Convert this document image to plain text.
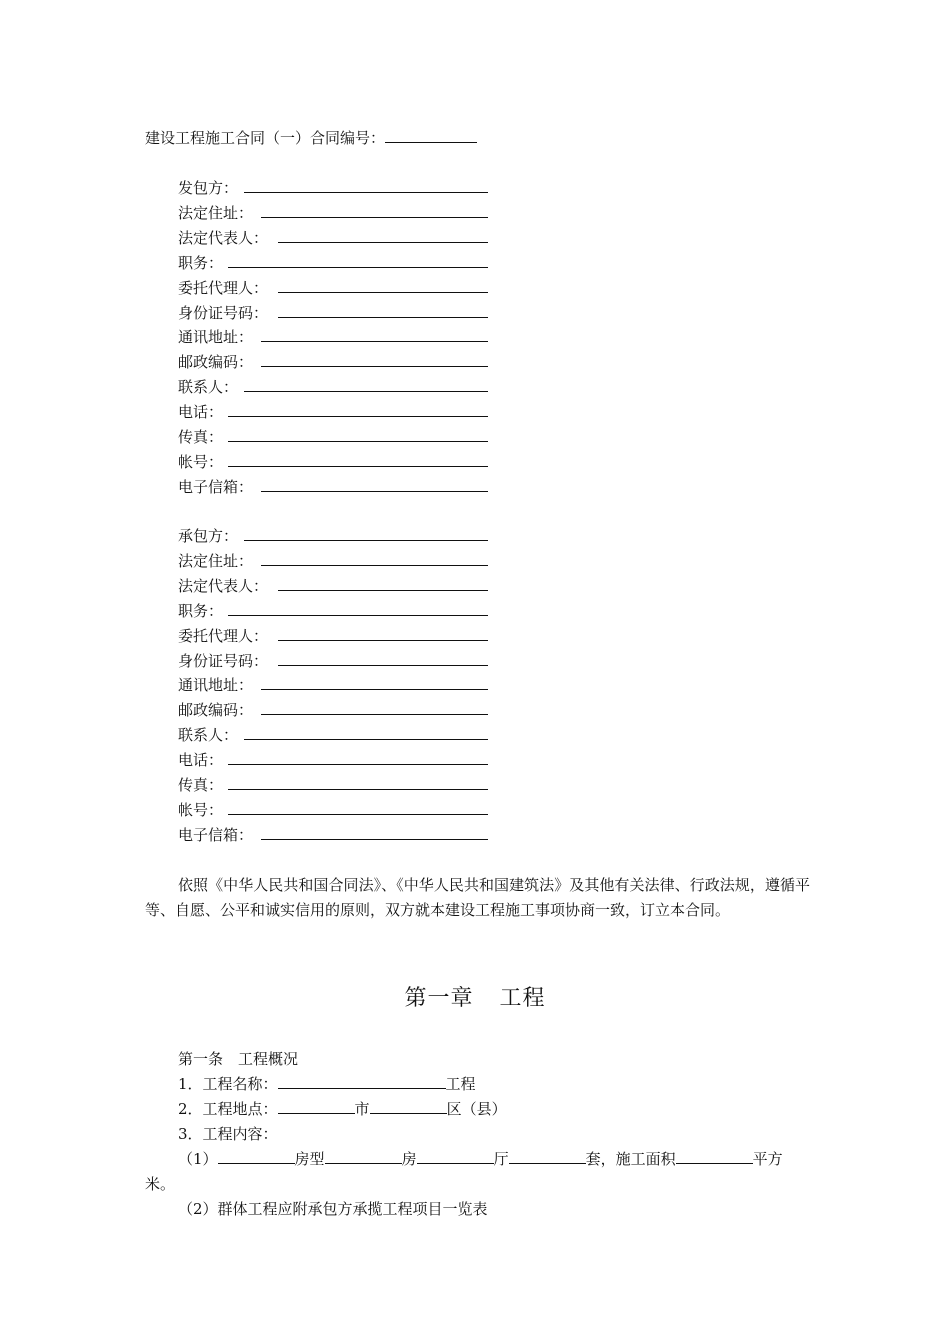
建设工程施工合同（一）合同编号：
发包方：
法定住址：
法定代表人：
职务：
委托代理人：
身份证号码：
通讯地址：
邮政编码：
联系人：
电话：
传真：
帐号：
电子信箱：
承包方：
法定住址：
法定代表人：
职务：
委托代理人：
身份证号码：
通讯地址：
邮政编码：
联系人：
电话：
传真：
帐号：
电子信箱：
依照《中华人民共和国合同法》、《中华人民共和国建筑法》及其他有关法律、行政法规，遵循平等、自愿、公平和诚实信用的原则，双方就本建设工程施工事项协商一致，订立本合同。
第一章 工程
第一条 工程概况
1．工程名称：	工程
2．工程地点：	市	区（县）
3．工程内容：
（1）	房型	房	厅	套，施工面积	平方
米。
（2）群体工程应附承包方承揽工程项目一览表
